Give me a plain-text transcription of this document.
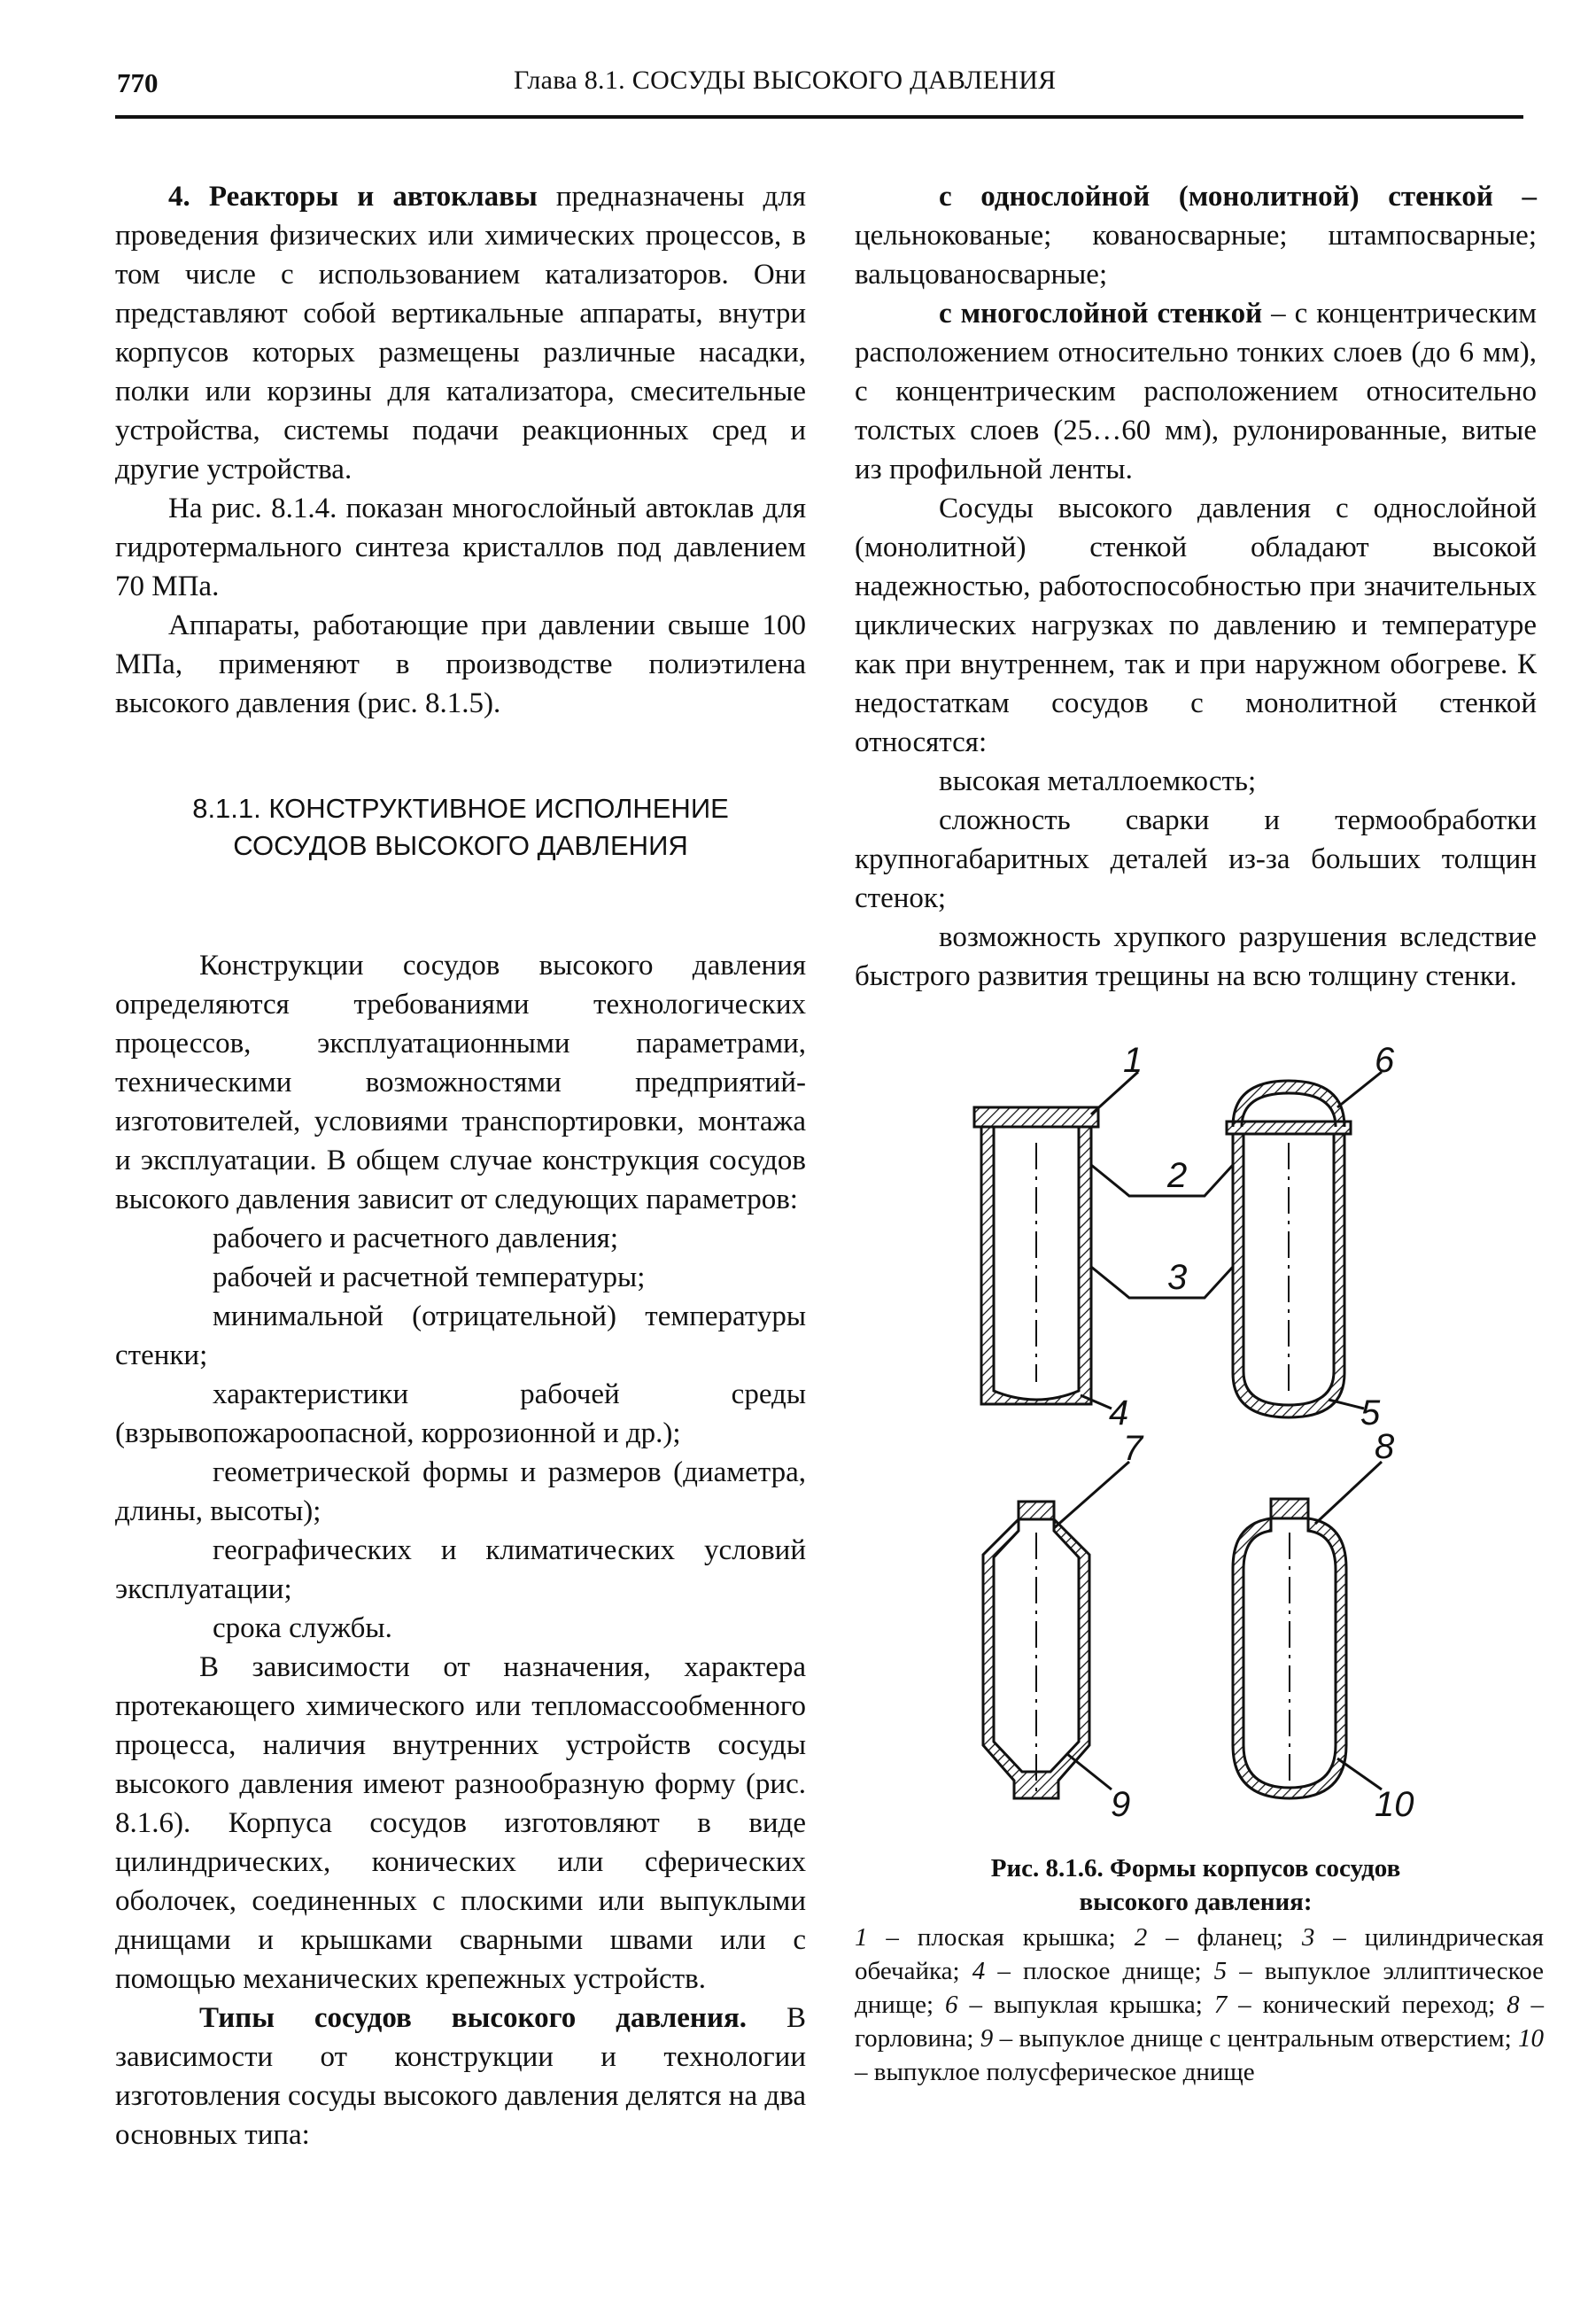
770	Глава 8.1. СОСУДЫ ВЫСОКОГО ДАВЛЕНИЯ

4. Реакторы и автоклавы предназначены для проведения физических или химических процессов, в том числе с использованием катализаторов. Они представляют собой вертикальные аппараты, внутри корпусов которых размещены различные насадки, полки или корзины для катализатора, смесительные устройства, системы подачи реакционных сред и другие устройства.

На рис. 8.1.4. показан многослойный автоклав для гидротермального синтеза кристаллов под давлением 70 МПа.

Аппараты, работающие при давлении свыше 100 МПа, применяют в производстве полиэтилена высокого давления (рис. 8.1.5).

8.1.1. КОНСТРУКТИВНОЕ ИСПОЛНЕНИЕ
СОСУДОВ ВЫСОКОГО ДАВЛЕНИЯ

Конструкции сосудов высокого давления определяются требованиями технологических процессов, эксплуатационными параметрами, техническими возможностями предприятий-изготовителей, условиями транспортировки, монтажа и эксплуатации. В общем случае конструкция сосудов высокого давления зависит от следующих параметров:

рабочего и расчетного давления;

рабочей и расчетной температуры;

минимальной (отрицательной) температуры стенки;

характеристики рабочей среды (взрывопожароопасной, коррозионной и др.);

геометрической формы и размеров (диаметра, длины, высоты);

географических и климатических условий эксплуатации;

срока службы.

В зависимости от назначения, характера протекающего химического или тепломассообменного процесса, наличия внутренних устройств сосуды высокого давления имеют разнообразную форму (рис. 8.1.6). Корпуса сосудов изготовляют в виде цилиндрических, конических или сферических оболочек, соединенных с плоскими или выпуклыми днищами и крышками сварными швами или с помощью механических крепежных устройств.

Типы сосудов высокого давления. В зависимости от конструкции и технологии изготовления сосуды высокого давления делятся на два основных типа:

с однослойной (монолитной) стенкой – цельнокованые; кованосварные; штампосварные; вальцованосварные;

с многослойной стенкой – с концентрическим расположением относительно тонких слоев (до 6 мм), с концентрическим расположением относительно толстых слоев (25…60 мм), рулонированные, витые из профильной ленты.

Сосуды высокого давления с однослойной (монолитной) стенкой обладают высокой надежностью, работоспособностью при значительных циклических нагрузках по давлению и температуре как при внутреннем, так и при наружном обогреве. К недостаткам сосудов с монолитной стенкой относятся:

высокая металлоемкость;

сложность сварки и термообработки крупногабаритных деталей из-за больших толщин стенок;

возможность хрупкого разрушения вследствие быстрого развития трещины на всю толщину стенки.

1
2
3
4	5
6
7	8
9	10
Рис. 8.1.6. Формы корпусов сосудов
высокого давления:
1 – плоская крышка; 2 – фланец; 3 – цилиндрическая обечайка; 4 – плоское днище; 5 – выпуклое эллиптическое днище; 6 – выпуклая крышка; 7 – конический переход; 8 – горловина; 9 – выпуклое днище с центральным отверстием; 10 – выпуклое полусферическое днище
